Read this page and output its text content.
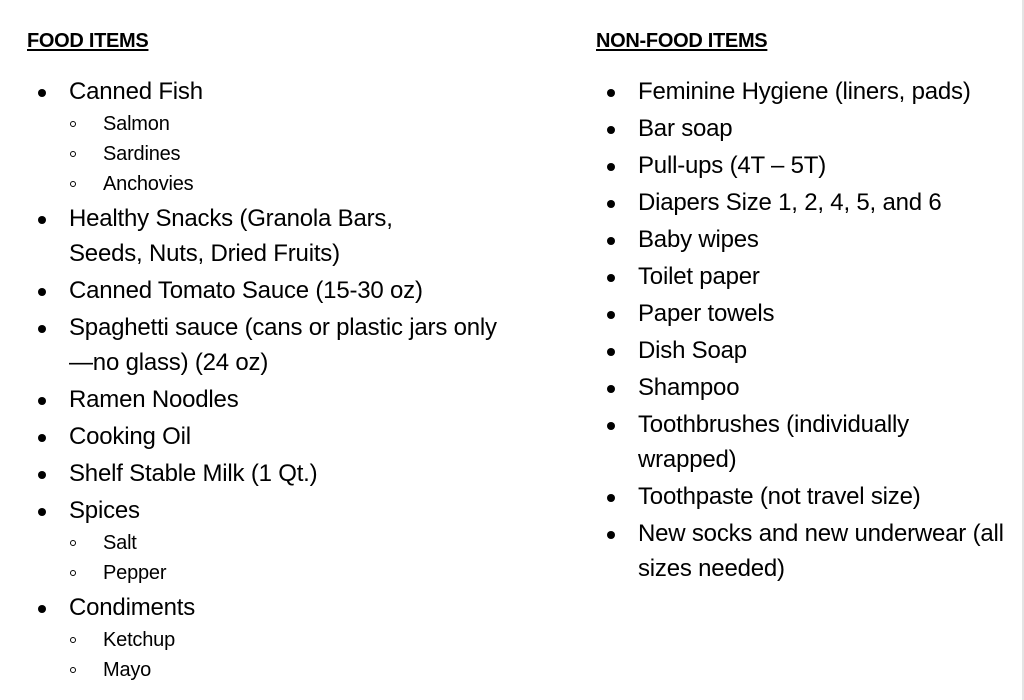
FOOD ITEMS
Canned Fish
Salmon
Sardines
Anchovies
Healthy Snacks (Granola Bars, Seeds, Nuts, Dried Fruits)
Canned Tomato Sauce (15-30 oz)
Spaghetti sauce (cans or plastic jars only—no glass) (24 oz)
Ramen Noodles
Cooking Oil
Shelf Stable Milk (1 Qt.)
Spices
Salt
Pepper
Condiments
Ketchup
Mayo
NON-FOOD ITEMS
Feminine Hygiene (liners, pads)
Bar soap
Pull-ups (4T – 5T)
Diapers Size 1, 2, 4, 5, and 6
Baby wipes
Toilet paper
Paper towels
Dish Soap
Shampoo
Toothbrushes (individually wrapped)
Toothpaste (not travel size)
New socks and new underwear (all sizes needed)
